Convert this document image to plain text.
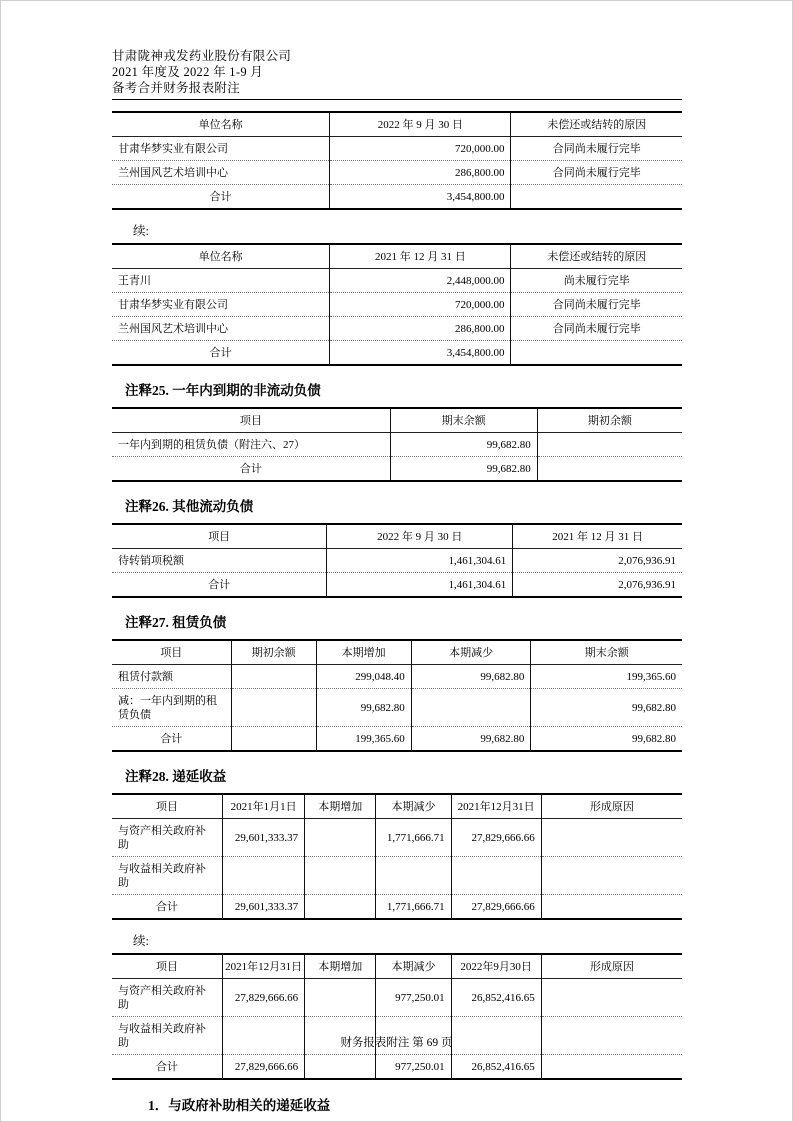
甘肃陇神戎发药业股份有限公司
2021 年度及 2022 年 1-9 月
备考合并财务报表附注
单位名称	2022 年 9 月 30 日	未偿还或结转的原因
甘肃华梦实业有限公司	720,000.00	合同尚未履行完毕
兰州国风艺术培训中心	286,800.00	合同尚未履行完毕
合计	3,454,800.00	
续:
单位名称	2021 年 12 月 31 日	未偿还或结转的原因
王青川	2,448,000.00	尚未履行完毕
甘肃华梦实业有限公司	720,000.00	合同尚未履行完毕
兰州国风艺术培训中心	286,800.00	合同尚未履行完毕
合计	3,454,800.00	
注释25. 一年内到期的非流动负债
项目	期末余额	期初余额
一年内到期的租赁负债（附注六、27）	99,682.80	
合计	99,682.80	
注释26. 其他流动负债
项目	2022 年 9 月 30 日	2021 年 12 月 31 日
待转销项税额	1,461,304.61	2,076,936.91
合计	1,461,304.61	2,076,936.91
注释27. 租赁负债
项目	期初余额	本期增加	本期减少	期末余额
租赁付款额		299,048.40	99,682.80	199,365.60
减：一年内到期的租赁负债		99,682.80		99,682.80
合计		199,365.60	99,682.80	99,682.80
注释28. 递延收益
项目	2021年1月1日	本期增加	本期减少	2021年12月31日	形成原因
与资产相关政府补助	29,601,333.37		1,771,666.71	27,829,666.66	
与收益相关政府补助					
合计	29,601,333.37		1,771,666.71	27,829,666.66	
续:
项目	2021年12月31日	本期增加	本期减少	2022年9月30日	形成原因
与资产相关政府补助	27,829,666.66		977,250.01	26,852,416.65	
与收益相关政府补助					
合计	27,829,666.66		977,250.01	26,852,416.65	
1．与政府补助相关的递延收益
财务报表附注 第 69 页
